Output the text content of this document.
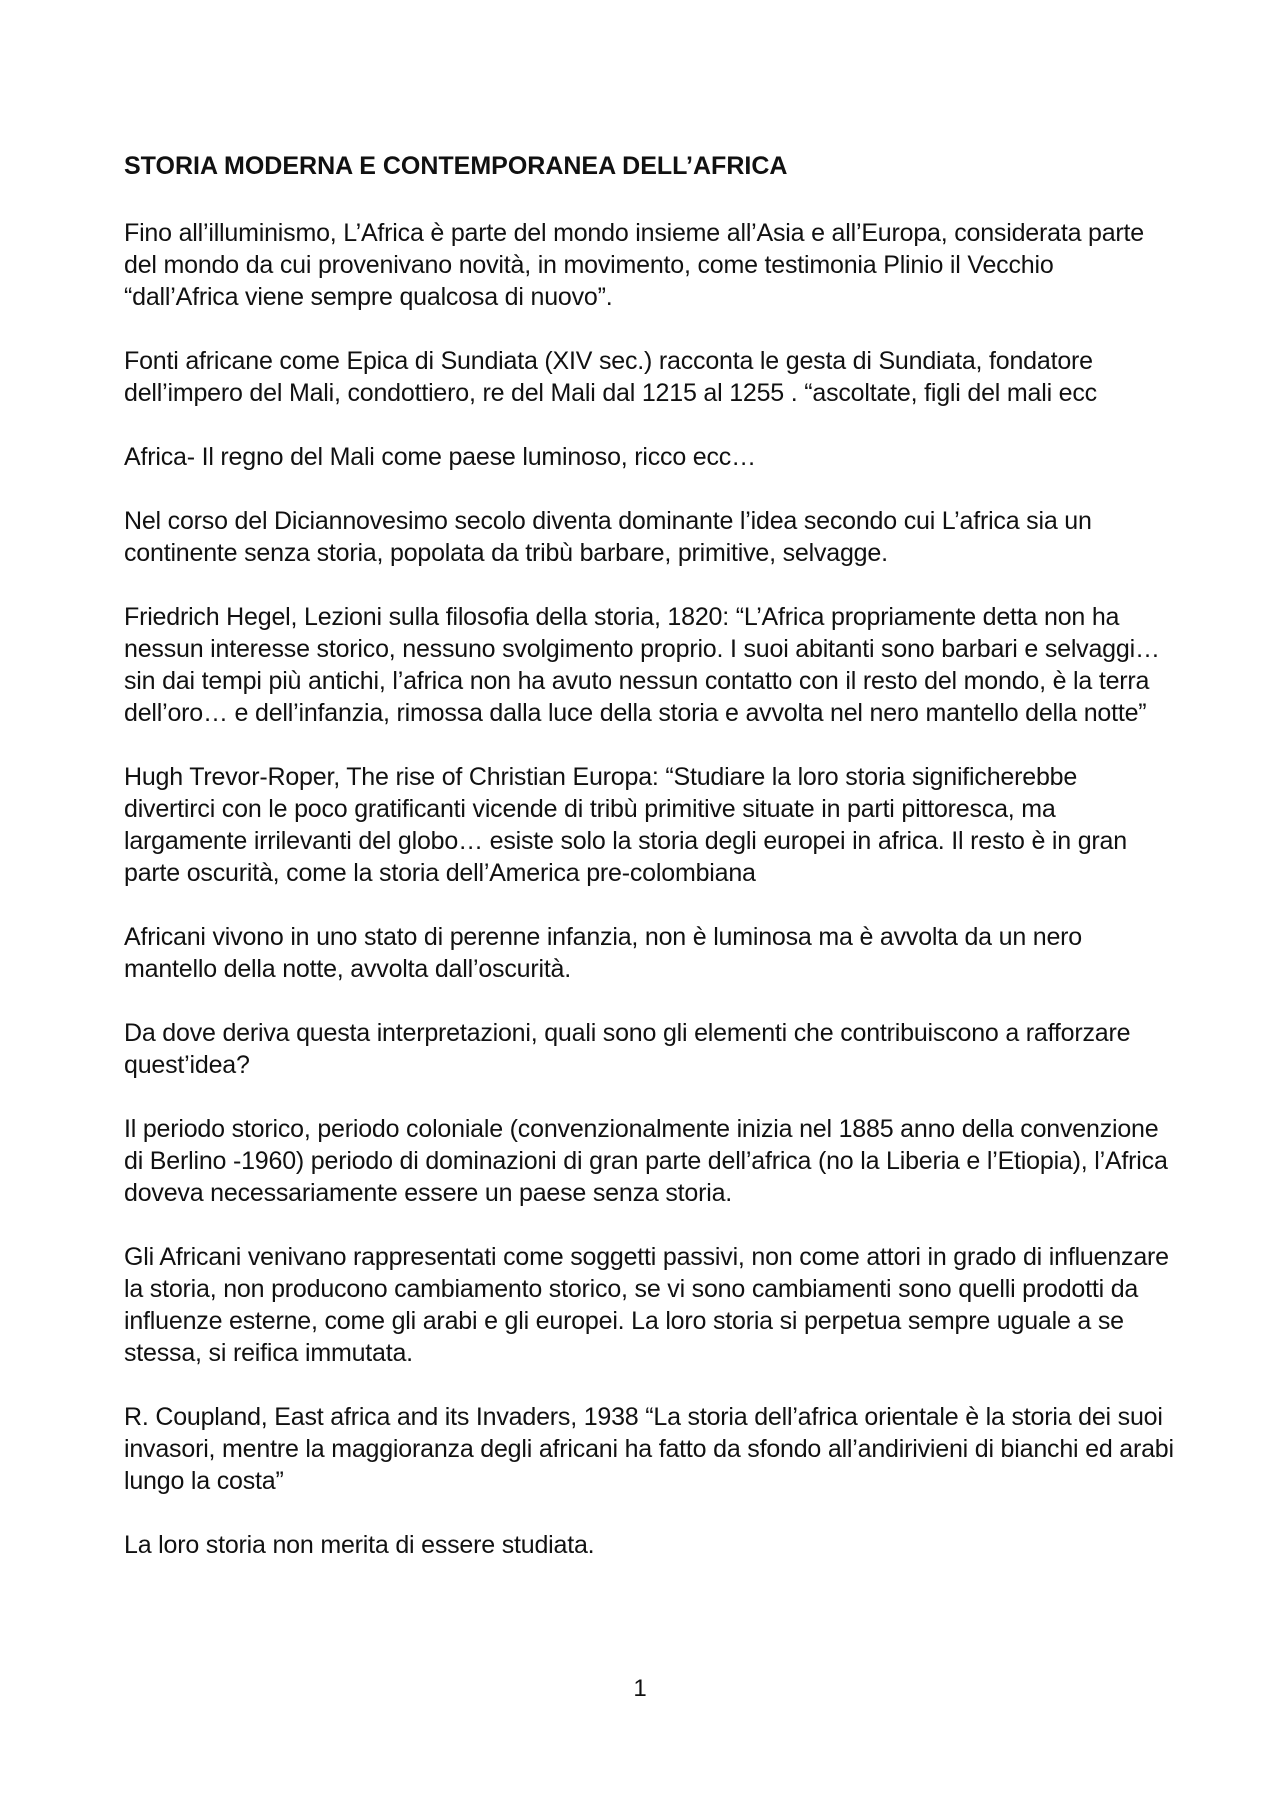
STORIA MODERNA E CONTEMPORANEA DELL’AFRICA

Fino all’illuminismo, L’Africa è parte del mondo insieme all’Asia e all’Europa, considerata parte del mondo da cui provenivano novità, in movimento, come testimonia Plinio il Vecchio “dall’Africa viene sempre qualcosa di nuovo”.

Fonti africane come Epica di Sundiata (XIV sec.) racconta le gesta di Sundiata, fondatore dell’impero del Mali, condottiero, re del Mali dal 1215 al 1255 . “ascoltate, figli del mali ecc

Africa- Il regno del Mali come paese luminoso, ricco ecc…

Nel corso del Diciannovesimo secolo diventa dominante l’idea secondo cui L’africa sia un continente senza storia, popolata da tribù barbare, primitive, selvagge.

Friedrich Hegel, Lezioni sulla filosofia della storia, 1820: “L’Africa propriamente detta non ha nessun interesse storico, nessuno svolgimento proprio. I suoi abitanti sono barbari e selvaggi… sin dai tempi più antichi, l’africa non ha avuto nessun contatto con il resto del mondo, è la terra dell’oro… e dell’infanzia, rimossa dalla luce della storia e avvolta nel nero mantello della notte”

Hugh Trevor-Roper, The rise of Christian Europa: “Studiare la loro storia significherebbe divertirci con le poco gratificanti vicende di tribù primitive situate in parti pittoresca, ma largamente irrilevanti del globo… esiste solo la storia degli europei in africa. Il resto è in gran parte oscurità, come la storia dell’America pre-colombiana

Africani vivono in uno stato di perenne infanzia, non è luminosa ma è avvolta da un nero mantello della notte, avvolta dall’oscurità.

Da dove deriva questa interpretazioni, quali sono gli elementi che contribuiscono a rafforzare quest’idea?

Il periodo storico, periodo coloniale (convenzionalmente inizia nel 1885 anno della convenzione di Berlino -1960) periodo di dominazioni di gran parte dell’africa (no la Liberia e l’Etiopia), l’Africa doveva necessariamente essere un paese senza storia.

Gli Africani venivano rappresentati come soggetti passivi, non come attori in grado di influenzare la storia, non producono cambiamento storico, se vi sono cambiamenti sono quelli prodotti da influenze esterne, come gli arabi e gli europei. La loro storia si perpetua sempre uguale a se stessa, si reifica immutata.

R. Coupland, East africa and its Invaders, 1938 “La storia dell’africa orientale è la storia dei suoi invasori, mentre la maggioranza degli africani ha fatto da sfondo all’andirivieni di bianchi ed arabi lungo la costa”

La loro storia non merita di essere studiata.

1
